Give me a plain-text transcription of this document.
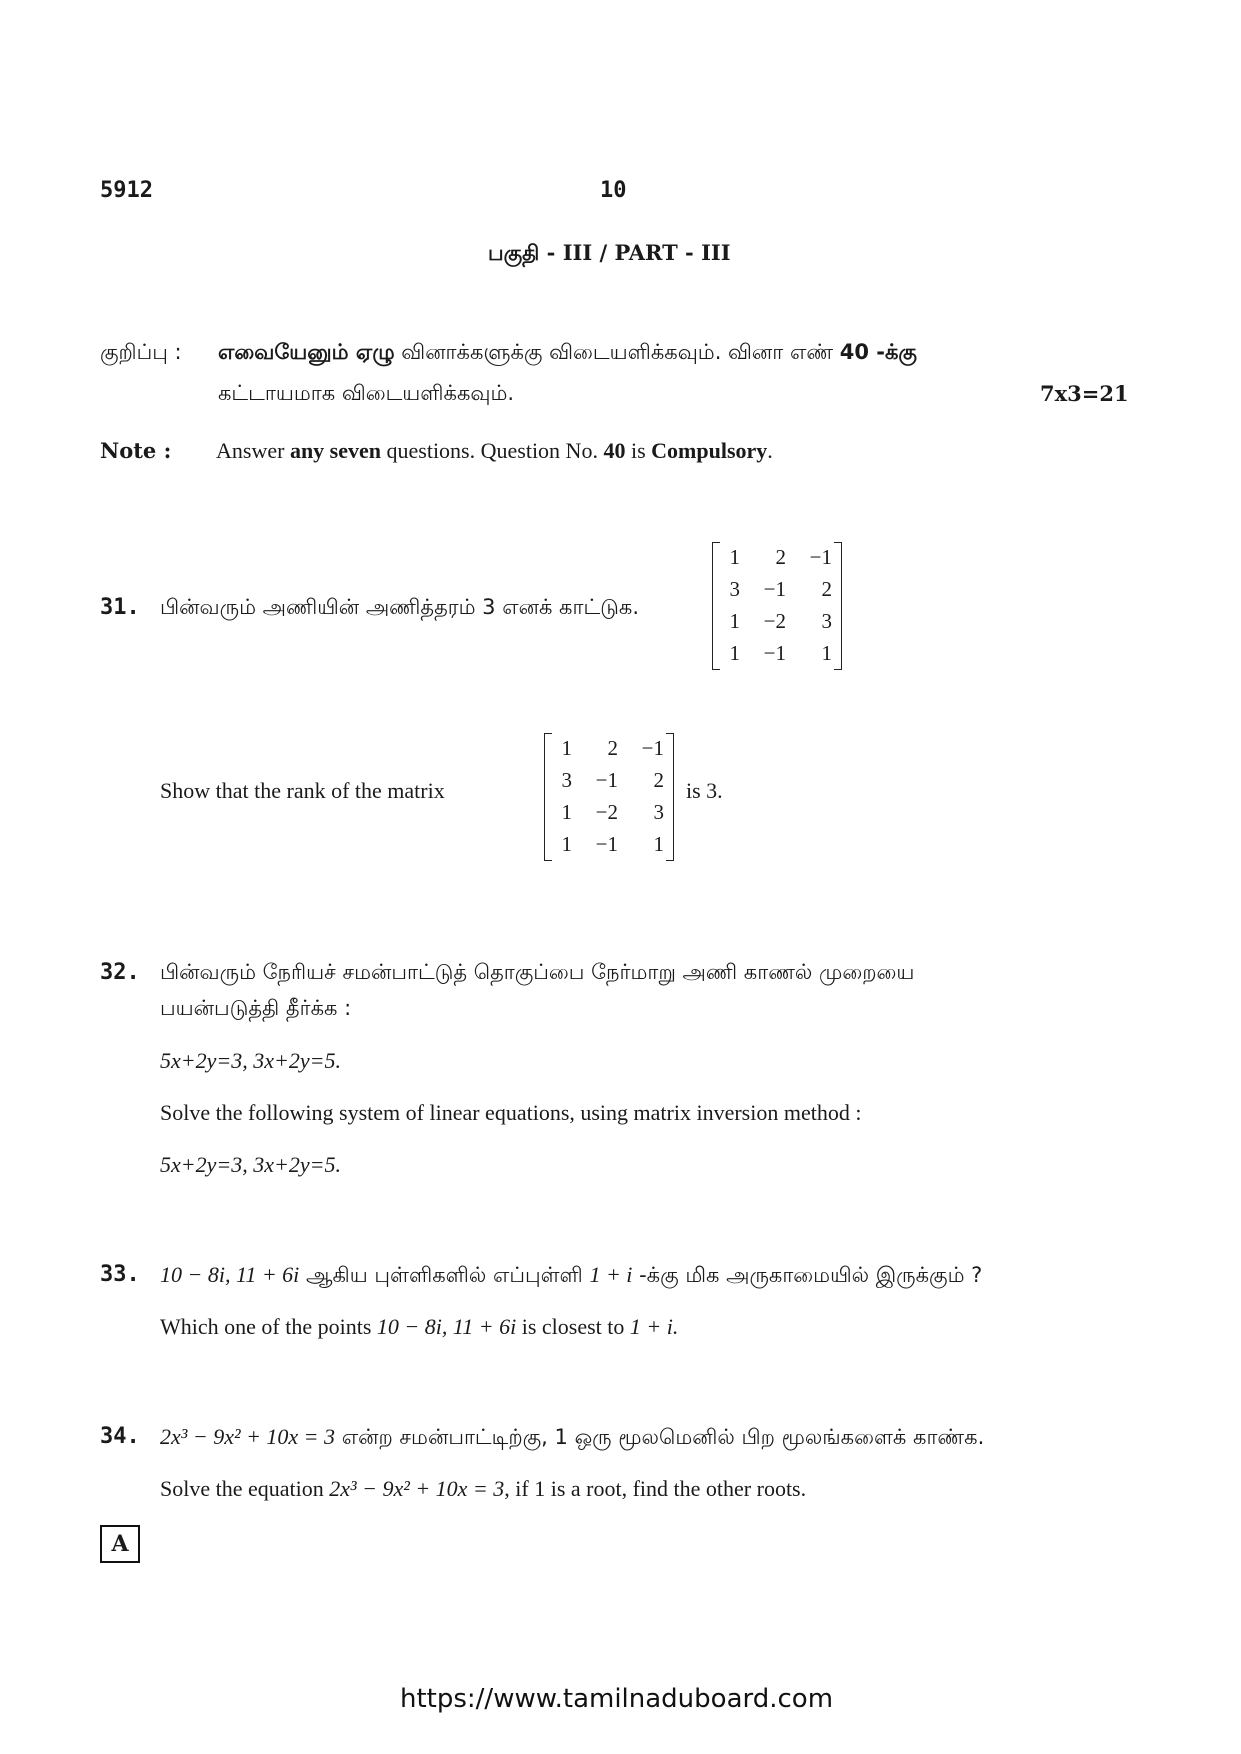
5912	10
பகுதி - III / PART - III
குறிப்பு : எவையேனும் ஏழு வினாக்களுக்கு விடையளிக்கவும். வினா எண் 40 -க்கு
கட்டாயமாக விடையளிக்கவும்.	7x3=21
Note : Answer any seven questions. Question No. 40 is Compulsory.
31. பின்வரும் அணியின் அணித்தரம் 3 எனக் காட்டுக.
1	2	−1
3	−1	2
1	−2	3
1	−1	1
Show that the rank of the matrix
1	2	−1
3	−1	2
1	−2	3
1	−1	1
is 3.
32. பின்வரும் நேரியச் சமன்பாட்டுத் தொகுப்பை நேர்மாறு அணி காணல் முறையை
பயன்படுத்தி தீர்க்க :
5x+2y=3, 3x+2y=5.
Solve the following system of linear equations, using matrix inversion method :
5x+2y=3, 3x+2y=5.
33. 10 − 8i, 11 + 6i ஆகிய புள்ளிகளில் எப்புள்ளி 1 + i -க்கு மிக அருகாமையில் இருக்கும் ?
Which one of the points 10 − 8i, 11 + 6i is closest to 1 + i.
34. 2x³ − 9x² + 10x = 3 என்ற சமன்பாட்டிற்கு, 1 ஒரு மூலமெனில் பிற மூலங்களைக் காண்க.
Solve the equation 2x³ − 9x² + 10x = 3, if 1 is a root, find the other roots.
A
https://www.tamilnaduboard.com
